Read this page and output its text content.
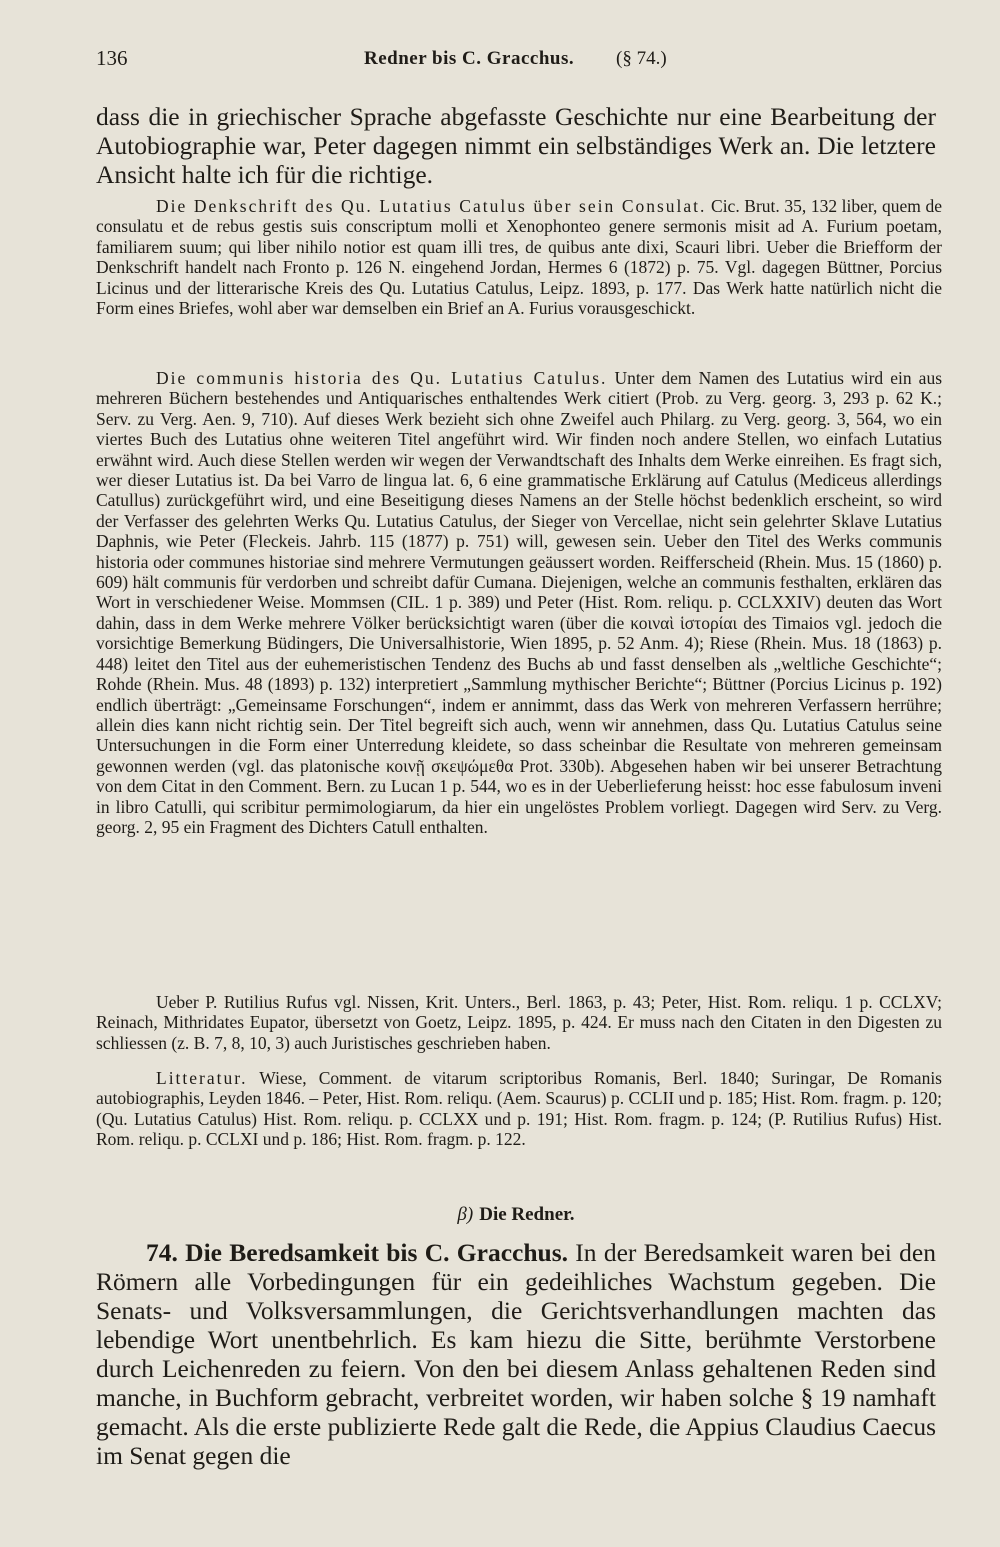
136	Redner bis C. Gracchus. (§ 74.)
dass die in griechischer Sprache abgefasste Geschichte nur eine Bearbeitung der Autobiographie war, Peter dagegen nimmt ein selbständiges Werk an. Die letztere Ansicht halte ich für die richtige.

Die Denkschrift des Qu. Lutatius Catulus über sein Consulat. Cic. Brut. 35, 132 liber, quem de consulatu et de rebus gestis suis conscriptum molli et Xenophonteo genere sermonis misit ad A. Furium poetam, familiarem suum; qui liber nihilo notior est quam illi tres, de quibus ante dixi, Scauri libri. Ueber die Briefform der Denkschrift handelt nach Fronto p. 126 N. eingehend Jordan, Hermes 6 (1872) p. 75. Vgl. dagegen Büttner, Porcius Licinus und der litterarische Kreis des Qu. Lutatius Catulus, Leipz. 1893, p. 177. Das Werk hatte natürlich nicht die Form eines Briefes, wohl aber war demselben ein Brief an A. Furius vorausgeschickt.

Die communis historia des Qu. Lutatius Catulus. Unter dem Namen des Lutatius wird ein aus mehreren Büchern bestehendes und Antiquarisches enthaltendes Werk citiert (Prob. zu Verg. georg. 3, 293 p. 62 K.; Serv. zu Verg. Aen. 9, 710). Auf dieses Werk bezieht sich ohne Zweifel auch Philarg. zu Verg. georg. 3, 564, wo ein viertes Buch des Lutatius ohne weiteren Titel angeführt wird. Wir finden noch andere Stellen, wo einfach Lutatius erwähnt wird. Auch diese Stellen werden wir wegen der Verwandtschaft des Inhalts dem Werke einreihen. Es fragt sich, wer dieser Lutatius ist. Da bei Varro de lingua lat. 6, 6 eine grammatische Erklärung auf Catulus (Mediceus allerdings Catullus) zurückgeführt wird, und eine Beseitigung dieses Namens an der Stelle höchst bedenklich erscheint, so wird der Verfasser des gelehrten Werks Qu. Lutatius Catulus, der Sieger von Vercellae, nicht sein gelehrter Sklave Lutatius Daphnis, wie Peter (Fleckeis. Jahrb. 115 (1877) p. 751) will, gewesen sein. Ueber den Titel des Werks communis historia oder communes historiae sind mehrere Vermutungen geäussert worden. Reifferscheid (Rhein. Mus. 15 (1860) p. 609) hält communis für verdorben und schreibt dafür Cumana. Diejenigen, welche an communis festhalten, erklären das Wort in verschiedener Weise. Mommsen (CIL. 1 p. 389) und Peter (Hist. Rom. reliqu. p. CCLXXIV) deuten das Wort dahin, dass in dem Werke mehrere Völker berücksichtigt waren (über die κοιναὶ ἱστορίαι des Timaios vgl. jedoch die vorsichtige Bemerkung Büdingers, Die Universalhistorie, Wien 1895, p. 52 Anm. 4); Riese (Rhein. Mus. 18 (1863) p. 448) leitet den Titel aus der euhemeristischen Tendenz des Buchs ab und fasst denselben als „weltliche Geschichte“; Rohde (Rhein. Mus. 48 (1893) p. 132) interpretiert „Sammlung mythischer Berichte“; Büttner (Porcius Licinus p. 192) endlich überträgt: „Gemeinsame Forschungen“, indem er annimmt, dass das Werk von mehreren Verfassern herrühre; allein dies kann nicht richtig sein. Der Titel begreift sich auch, wenn wir annehmen, dass Qu. Lutatius Catulus seine Untersuchungen in die Form einer Unterredung kleidete, so dass scheinbar die Resultate von mehreren gemeinsam gewonnen werden (vgl. das platonische κοινῇ σκεψώμεθα Prot. 330b). Abgesehen haben wir bei unserer Betrachtung von dem Citat in den Comment. Bern. zu Lucan 1 p. 544, wo es in der Ueberlieferung heisst: hoc esse fabulosum inveni in libro Catulli, qui scribitur permimologiarum, da hier ein ungelöstes Problem vorliegt. Dagegen wird Serv. zu Verg. georg. 2, 95 ein Fragment des Dichters Catull enthalten.

Ueber P. Rutilius Rufus vgl. Nissen, Krit. Unters., Berl. 1863, p. 43; Peter, Hist. Rom. reliqu. 1 p. CCLXV; Reinach, Mithridates Eupator, übersetzt von Goetz, Leipz. 1895, p. 424. Er muss nach den Citaten in den Digesten zu schliessen (z. B. 7, 8, 10, 3) auch Juristisches geschrieben haben.

Litteratur. Wiese, Comment. de vitarum scriptoribus Romanis, Berl. 1840; Suringar, De Romanis autobiographis, Leyden 1846. – Peter, Hist. Rom. reliqu. (Aem. Scaurus) p. CCLII und p. 185; Hist. Rom. fragm. p. 120; (Qu. Lutatius Catulus) Hist. Rom. reliqu. p. CCLXX und p. 191; Hist. Rom. fragm. p. 124; (P. Rutilius Rufus) Hist. Rom. reliqu. p. CCLXI und p. 186; Hist. Rom. fragm. p. 122.

β) Die Redner.

74. Die Beredsamkeit bis C. Gracchus. In der Beredsamkeit waren bei den Römern alle Vorbedingungen für ein gedeihliches Wachstum gegeben. Die Senats- und Volksversammlungen, die Gerichtsverhandlungen machten das lebendige Wort unentbehrlich. Es kam hiezu die Sitte, berühmte Verstorbene durch Leichenreden zu feiern. Von den bei diesem Anlass gehaltenen Reden sind manche, in Buchform gebracht, verbreitet worden, wir haben solche § 19 namhaft gemacht. Als die erste publizierte Rede galt die Rede, die Appius Claudius Caecus im Senat gegen die
